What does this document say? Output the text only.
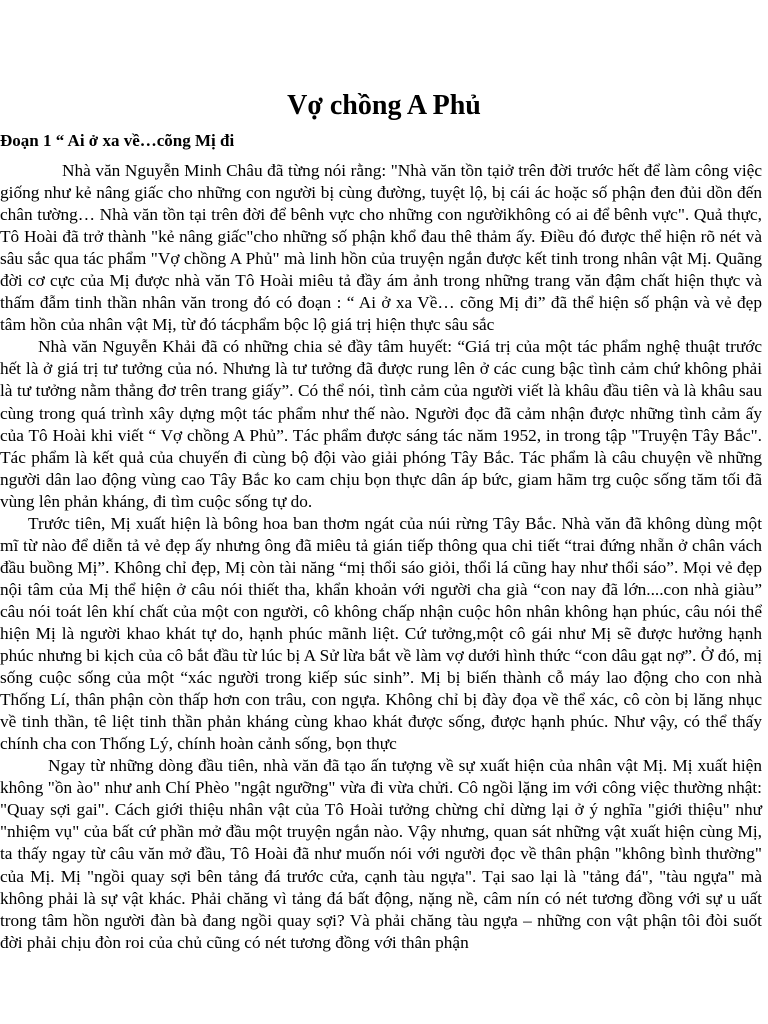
Vợ chồng A Phủ
Đoạn 1 “ Ai ở xa về…cõng Mị đi

Nhà văn Nguyễn Minh Châu đã từng nói rằng: "Nhà văn tồn tạiở trên đời trước hết để làm công việc giống như kẻ nâng giấc cho những con người bị cùng đường, tuyệt lộ, bị cái ác hoặc số phận đen đủi dồn đến chân tường… Nhà văn tồn tại trên đời để bênh vực cho những con ngườikhông có ai để bênh vực". Quả thực, Tô Hoài đã trở thành "kẻ nâng giấc"cho những số phận khổ đau thê thảm ấy. Điều đó được thể hiện rõ nét và sâu sắc qua tác phẩm "Vợ chồng A Phủ" mà linh hồn của truyện ngắn được kết tinh trong nhân vật Mị. Quãng đời cơ cực của Mị được nhà văn Tô Hoài miêu tả đầy ám ảnh trong những trang văn đậm chất hiện thực và thấm đẫm tinh thần nhân văn trong đó có đoạn : “ Ai ở xa Về… cõng Mị đi” đã thể hiện số phận và vẻ đẹp tâm hồn của nhân vật Mị, từ đó tácphẩm bộc lộ giá trị hiện thực sâu sắc

Nhà văn Nguyễn Khải đã có những chia sẻ đầy tâm huyết: “Giá trị của một tác phẩm nghệ thuật trước hết là ở giá trị tư tưởng của nó. Nhưng là tư tưởng đã được rung lên ở các cung bậc tình cảm chứ không phải là tư tưởng nằm thẳng đơ trên trang giấy”. Có thể nói, tình cảm của người viết là khâu đầu tiên và là khâu sau cùng trong quá trình xây dựng một tác phẩm như thế nào. Người đọc đã cảm nhận được những tình cảm ấy của Tô Hoài khi viết “ Vợ chồng A Phủ”. Tác phẩm được sáng tác năm 1952, in trong tập "Truyện Tây Bắc". Tác phẩm là kết quả của chuyến đi cùng bộ đội vào giải phóng Tây Bắc. Tác phẩm là câu chuyện về những người dân lao động vùng cao Tây Bắc ko cam chịu bọn thực dân áp bức, giam hãm trg cuộc sống tăm tối đã vùng lên phản kháng, đi tìm cuộc sống tự do.

Trước tiên, Mị xuất hiện là bông hoa ban thơm ngát của núi rừng Tây Bắc. Nhà văn đã không dùng một mĩ từ nào để diễn tả vẻ đẹp ấy nhưng ông đã miêu tả gián tiếp thông qua chi tiết “trai đứng nhẵn ở chân vách đầu buồng Mị”. Không chỉ đẹp, Mị còn tài năng “mị thổi sáo giỏi, thổi lá cũng hay như thổi sáo”. Mọi vẻ đẹp nội tâm của Mị thể hiện ở câu nói thiết tha, khẩn khoản với người cha già “con nay đã lớn....con nhà giàu” câu nói toát lên khí chất của một con người, cô không chấp nhận cuộc hôn nhân không hạn phúc, câu nói thể hiện Mị là người khao khát tự do, hạnh phúc mãnh liệt. Cứ tưởng,một cô gái như Mị sẽ được hưởng hạnh phúc nhưng bi kịch của cô bắt đầu từ lúc bị A Sử lừa bắt về làm vợ dưới hình thức “con dâu gạt nợ”. Ở đó, mị sống cuộc sống của một “xác người trong kiếp súc sinh”. Mị bị biến thành cỗ máy lao động cho con nhà Thống Lí, thân phận còn thấp hơn con trâu, con ngựa. Không chỉ bị đày đọa về thể xác, cô còn bị lăng nhục về tinh thần, tê liệt tinh thần phản kháng cùng khao khát được sống, được hạnh phúc. Như vậy, có thể thấy chính cha con Thống Lý, chính hoàn cảnh sống, bọn thực

Ngay từ những dòng đầu tiên, nhà văn đã tạo ấn tượng về sự xuất hiện của nhân vật Mị. Mị xuất hiện không "ồn ào" như anh Chí Phèo "ngật ngưỡng" vừa đi vừa chửi. Cô ngồi lặng im với công việc thường nhật: "Quay sợi gai". Cách giới thiệu nhân vật của Tô Hoài tưởng chừng chỉ dừng lại ở ý nghĩa "giới thiệu" như "nhiệm vụ" của bất cứ phần mở đầu một truyện ngắn nào. Vậy nhưng, quan sát những vật xuất hiện cùng Mị, ta thấy ngay từ câu văn mở đầu, Tô Hoài đã như muốn nói với người đọc về thân phận "không bình thường" của Mị. Mị "ngồi quay sợi bên tảng đá trước cửa, cạnh tàu ngựa". Tại sao lại là "tảng đá", "tàu ngựa" mà không phải là sự vật khác. Phải chăng vì tảng đá bất động, nặng nề, câm nín có nét tương đồng với sự u uất trong tâm hồn người đàn bà đang ngồi quay sợi? Và phải chăng tàu ngựa – những con vật phận tôi đòi suốt đời phải chịu đòn roi của chủ cũng có nét tương đồng với thân phận
